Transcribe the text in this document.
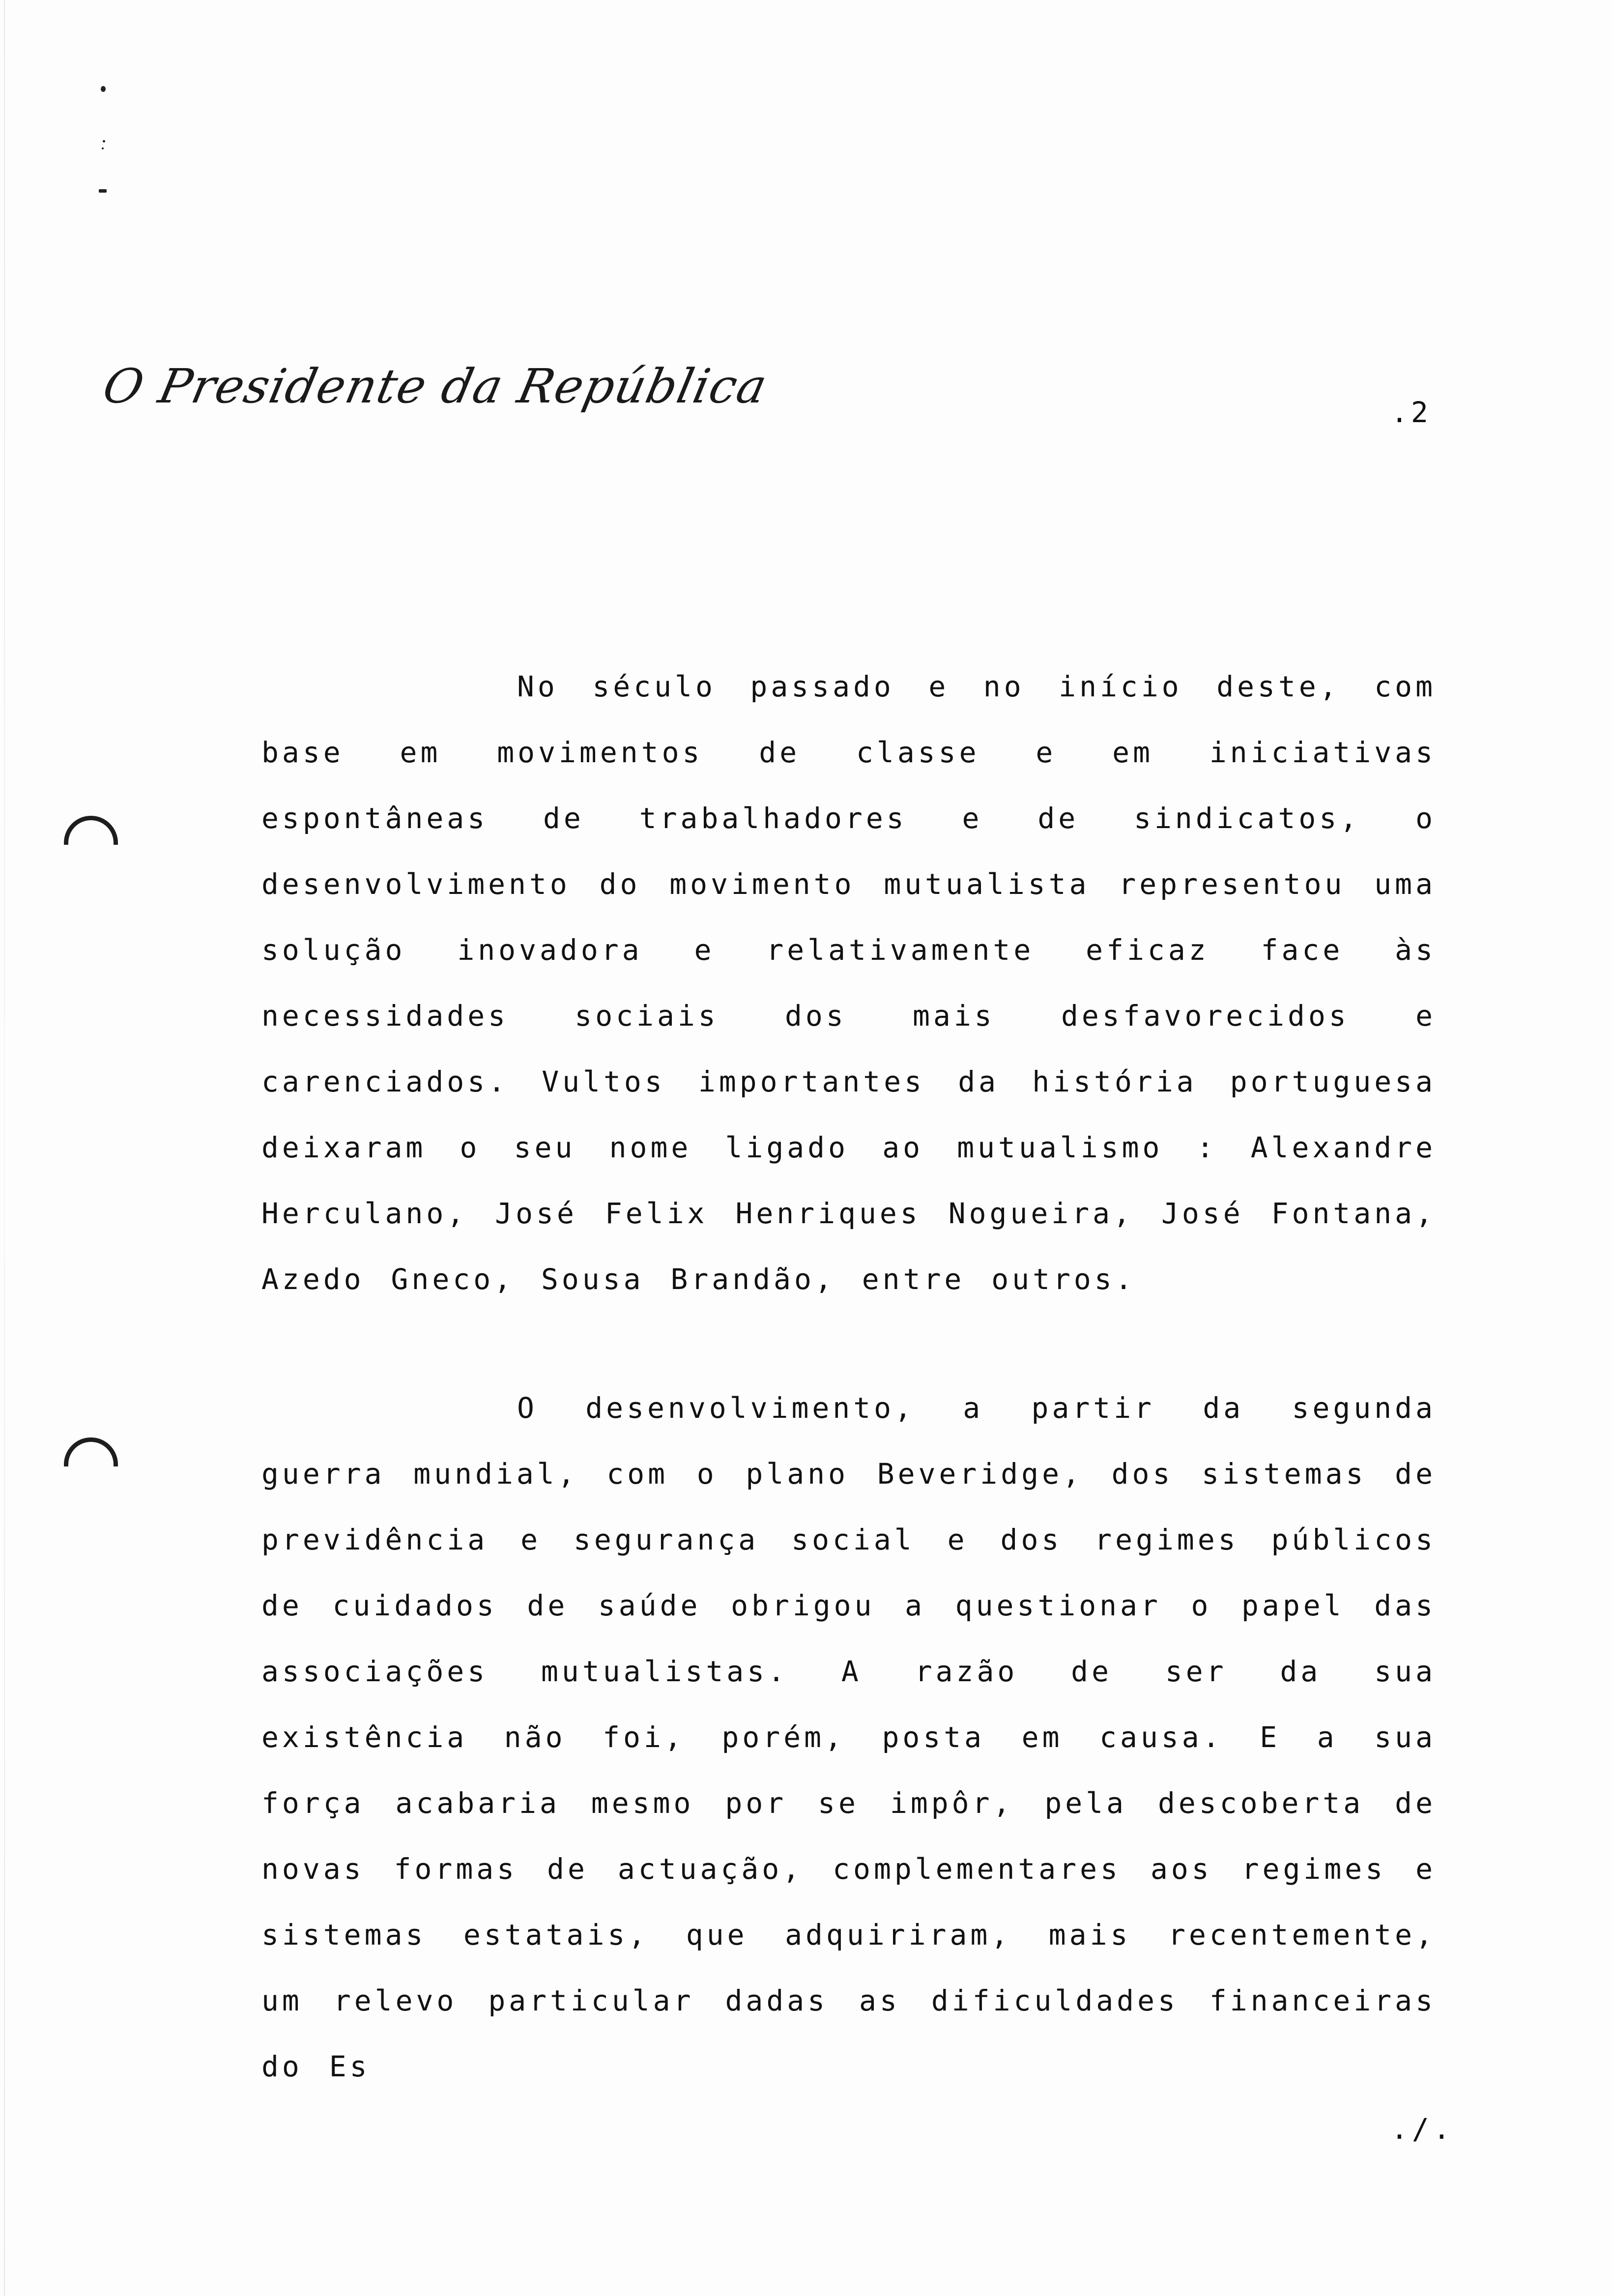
O Presidente da República	.2
No século passado e no início deste, com base em movimentos de classe e em iniciativas espontâneas de trabalhadores e de sindicatos, o desenvolvimento do movimento mutualista representou uma solução inovadora e relativamente eficaz face às necessidades sociais dos mais desfavorecidos e carenciados. Vultos importantes da história portuguesa deixaram o seu nome ligado ao mutualismo : Alexandre Herculano, José Felix Henriques Nogueira, José Fontana, Azedo Gneco, Sousa Brandão, entre outros.
O desenvolvimento, a partir da segunda guerra mundial, com o plano Beveridge, dos sistemas de previdência e segurança social e dos regimes públicos de cuidados de saúde obrigou a questionar o papel das associações mutualistas. A razão de ser da sua existência não foi, porém, posta em causa. E a sua força acabaria mesmo por se impôr, pela descoberta de novas formas de actuação, complementares aos regimes e sistemas estatais, que adquiriram, mais recentemente, um relevo particular dadas as dificuldades financeiras do Es
./.
